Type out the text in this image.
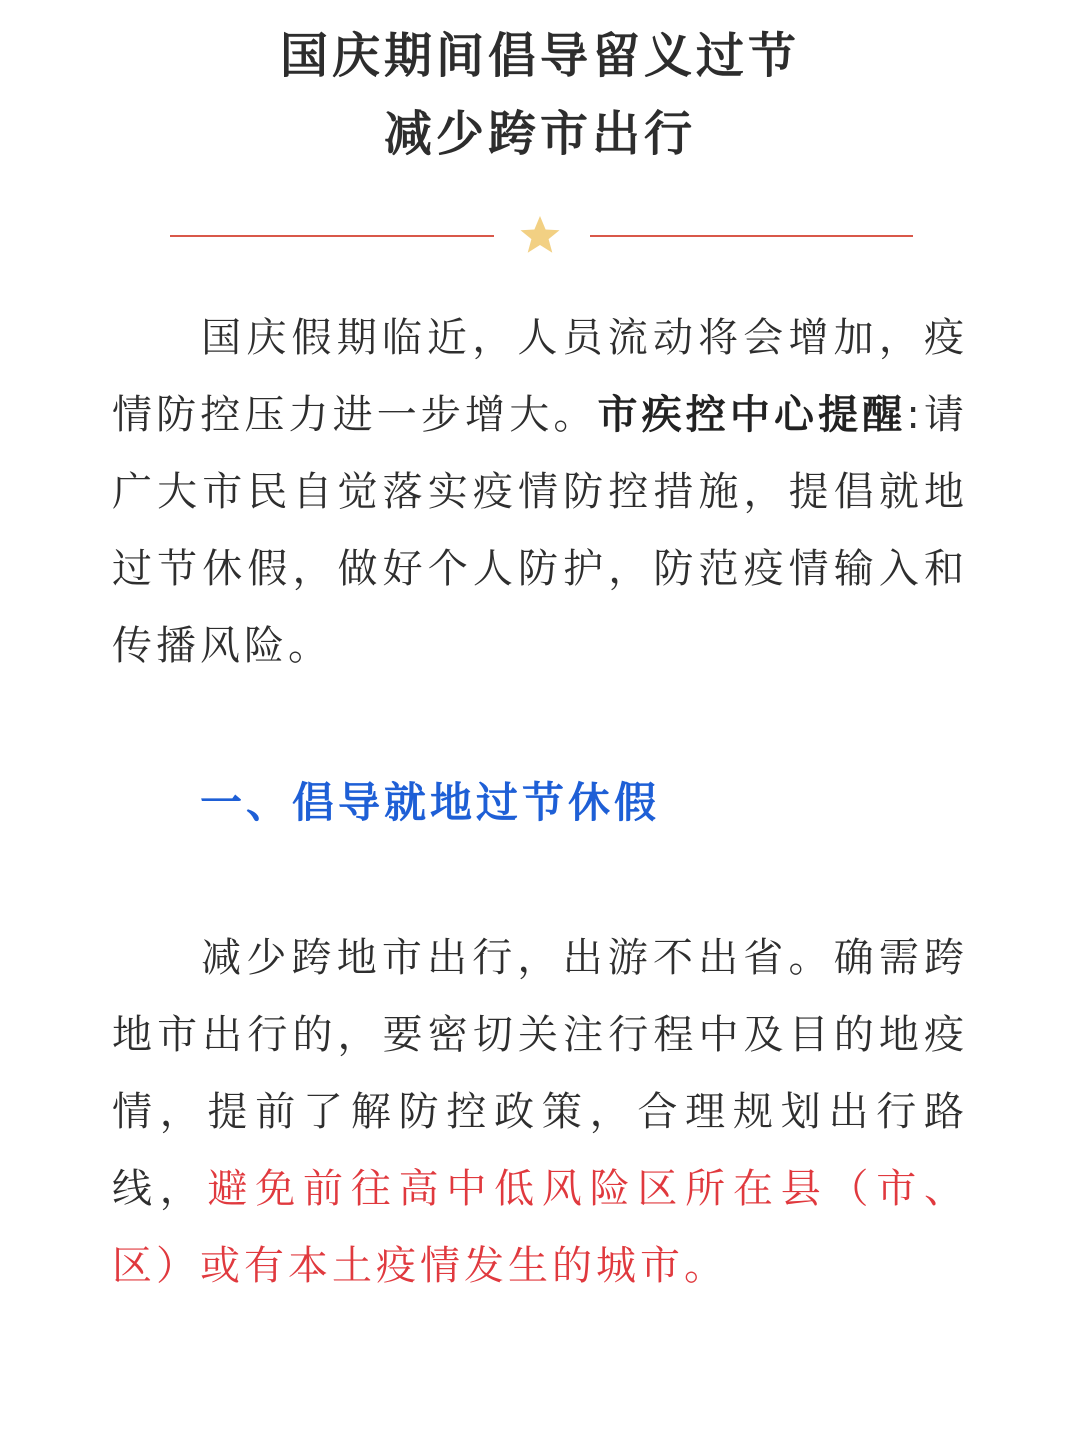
国庆期间倡导留义过节
减少跨市出行
国庆假期临近，人员流动将会增加，疫情防控压力进一步增大。市疾控中心提醒:请广大市民自觉落实疫情防控措施，提倡就地过节休假，做好个人防护，防范疫情输入和传播风险。
一、倡导就地过节休假
减少跨地市出行，出游不出省。确需跨地市出行的，要密切关注行程中及目的地疫情，提前了解防控政策，合理规划出行路线，避免前往高中低风险区所在县（市、区）或有本土疫情发生的城市。
